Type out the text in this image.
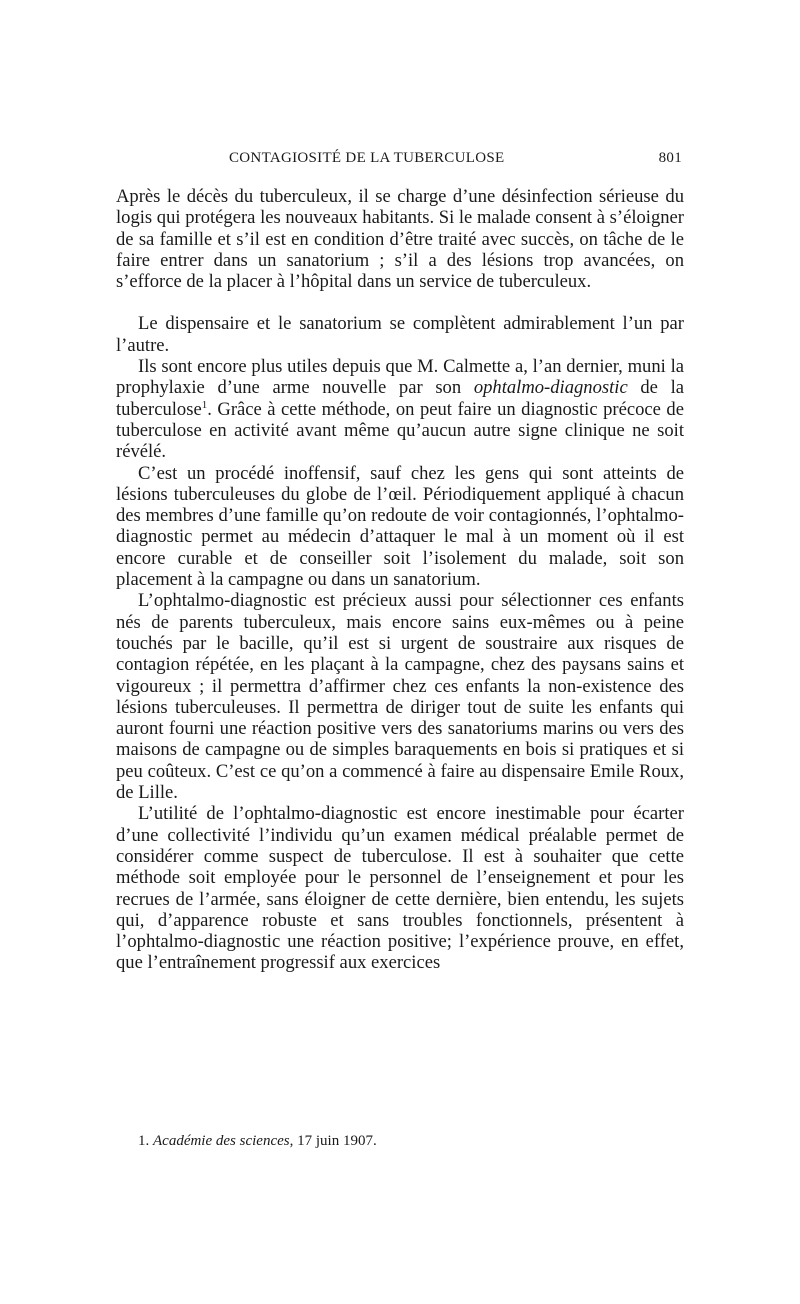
CONTAGIOSITÉ DE LA TUBERCULOSE	801

Après le décès du tuberculeux, il se charge d’une désinfection sérieuse du logis qui protégera les nouveaux habitants. Si le malade consent à s’éloigner de sa famille et s’il est en condition d’être traité avec succès, on tâche de le faire entrer dans un sanatorium ; s’il a des lésions trop avancées, on s’efforce de la placer à l’hôpital dans un service de tuberculeux.

Le dispensaire et le sanatorium se complètent admirablement l’un par l’autre.

Ils sont encore plus utiles depuis que M. Calmette a, l’an dernier, muni la prophylaxie d’une arme nouvelle par son ophtalmo-diagnostic de la tuberculose$^1$. Grâce à cette méthode, on peut faire un diagnostic précoce de tuberculose en activité avant même qu’aucun autre signe clinique ne soit révélé.

C’est un procédé inoffensif, sauf chez les gens qui sont atteints de lésions tuberculeuses du globe de l’œil. Périodiquement appliqué à chacun des membres d’une famille qu’on redoute de voir contagionnés, l’ophtalmo-diagnostic permet au médecin d’attaquer le mal à un moment où il est encore curable et de conseiller soit l’isolement du malade, soit son placement à la campagne ou dans un sanatorium.

L’ophtalmo-diagnostic est précieux aussi pour sélectionner ces enfants nés de parents tuberculeux, mais encore sains eux-mêmes ou à peine touchés par le bacille, qu’il est si urgent de soustraire aux risques de contagion répétée, en les plaçant à la campagne, chez des paysans sains et vigoureux ; il permettra d’affirmer chez ces enfants la non-existence des lésions tuberculeuses. Il permettra de diriger tout de suite les enfants qui auront fourni une réaction positive vers des sanatoriums marins ou vers des maisons de campagne ou de simples baraquements en bois si pratiques et si peu coûteux. C’est ce qu’on a commencé à faire au dispensaire Emile Roux, de Lille.

L’utilité de l’ophtalmo-diagnostic est encore inestimable pour écarter d’une collectivité l’individu qu’un examen médical préalable permet de considérer comme suspect de tuberculose. Il est à souhaiter que cette méthode soit employée pour le personnel de l’enseignement et pour les recrues de l’armée, sans éloigner de cette dernière, bien entendu, les sujets qui, d’apparence robuste et sans troubles fonctionnels, présentent à l’ophtalmo-diagnostic une réaction positive; l’expérience prouve, en effet, que l’entraînement progressif aux exercices

1. Académie des sciences, 17 juin 1907.
